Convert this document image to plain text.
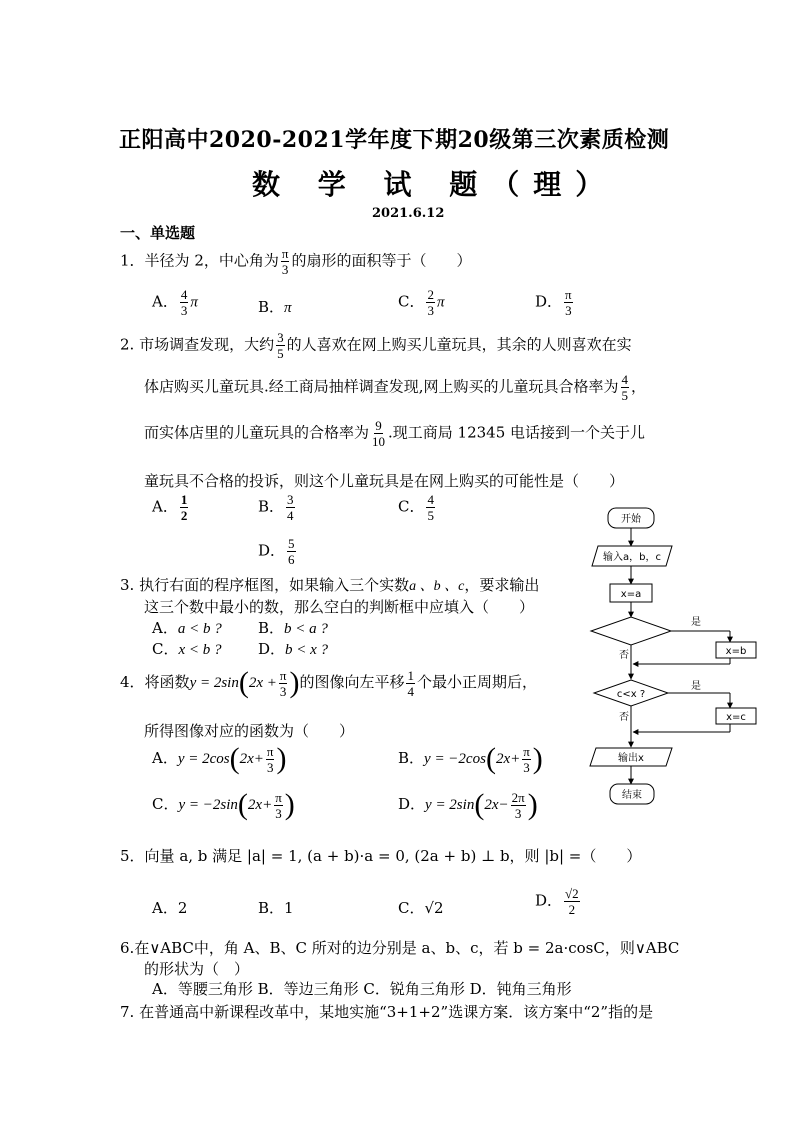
正阳高中2020-2021学年度下期20级第三次素质检测
数 学 试 题（理）
2021.6.12
一、单选题
1．半径为 2，中心角为 $\frac{\pi}{3}$ 的扇形的面积等于（　　）
A． $\frac{4}{3}$ π	B．π	C． $\frac{2}{3}$ π	D． $\frac{\pi}{3}$
2. 市场调查发现，大约 $\frac{3}{5}$ 的人喜欢在网上购买儿童玩具，其余的人则喜欢在实
体店购买儿童玩具.经工商局抽样调查发现,网上购买的儿童玩具合格率为 $\frac{4}{5}$ ，
而实体店里的儿童玩具的合格率为 $\frac{9}{10}$ .现工商局 12345 电话接到一个关于儿
童玩具不合格的投诉，则这个儿童玩具是在网上购买的可能性是（　　）
A． $\frac{1}{2}$	B． $\frac{3}{4}$	C． $\frac{4}{5}$
D． $\frac{5}{6}$
3. 执行右面的程序框图，如果输入三个实数a 、b 、c，要求输出
这三个数中最小的数，那么空白的判断框中应填入（　　）
A．a < b ? B．b < a ?
C．x < b ? D．b < x ?
4．将函数$y = 2\sin(2x + \frac{\pi}{3}$ )的图像向左平移 $\frac{1}{4}$ 个最小正周期后，
所得图像对应的函数为（　　）
A．$y = 2\cos(2x+ \frac{\pi}{3}$ )	B．$y = -2\cos(2x+ \frac{\pi}{3}$ )
C．$y = -2\sin(2x+ \frac{\pi}{3}$ )	D．$y = 2\sin(2x- \frac{2\pi}{3}$ )
5．向量 a, b 满足 |a| = 1, (a + b)·a = 0, (2a + b) ⊥ b，则 |b| =（　　）
A．2	B．1	C．√2	D． $\frac{√2}{2}$
6.在∨ABC中，角 A、B、C 所对的边分别是 a、b、c，若 b = 2a·cosC，则∨ABC
的形状为（　）
A．等腰三角形 B．等边三角形 C．锐角三角形 D．钝角三角形
7. 在普通高中新课程改革中，某地实施“3+1+2”选课方案．该方案中“2”指的是
开始
输入a，b，c
x=a
是
否	x=b
c<x ?
是
否	x=c
输出x
结束
